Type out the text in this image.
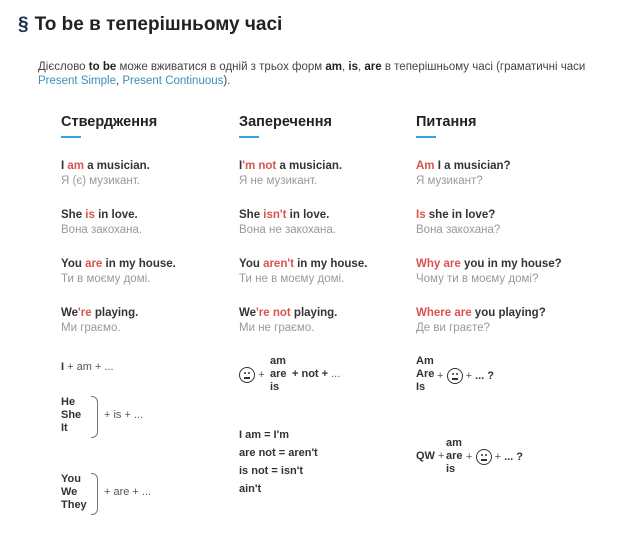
§ To be в теперішньому часі
Дієслово to be може вживатися в одній з трьох форм am, is, are в теперішньому часі (граматичні часи Present Simple, Present Continuous).
Ствердження	Заперечення	Питання
I am a musician.
Я (є) музикант.
She is in love.
Вона закохана.
You are in my house.
Ти в моєму домі.
We're playing.
Ми граємо.
I'm not a musician.
Я не музикант.
She isn't in love.
Вона не закохана.
You aren't in my house.
Ти не в моєму домі.
We're not playing.
Ми не граємо.
Am I a musician?
Я музикант?
Is she in love?
Вона закохана?
Why are you in my house?
Чому ти в моєму домі?
Where are you playing?
Де ви граєте?
I + am + ...
He
She
It
+ is + ...
You
We
They
+ are + ...
+
am
are
is
+ not + ...
I am = I'm
are not = aren't
is not = isn't
ain't
Am
Are
Is
+ + ... ?
QW +
am
are
is
+ + ... ?
